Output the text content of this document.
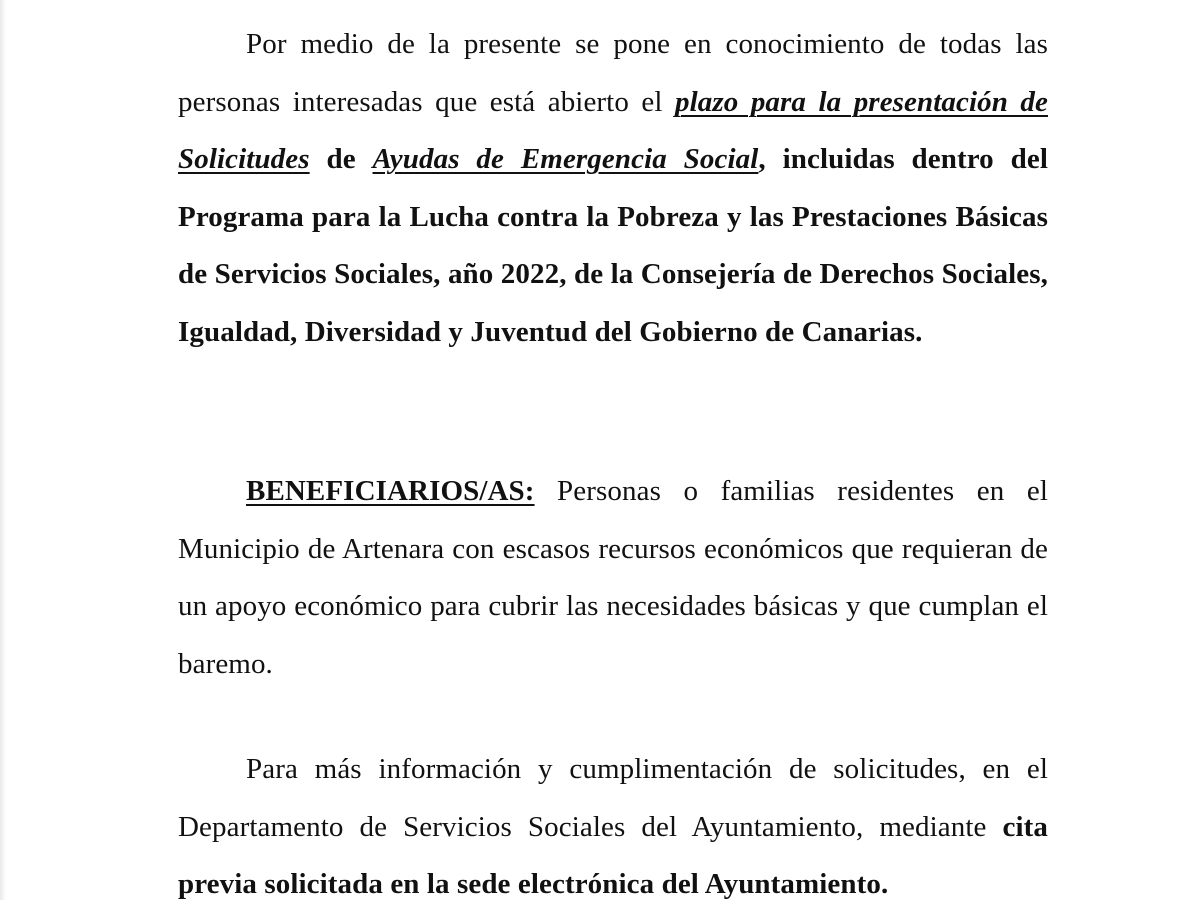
Por medio de la presente se pone en conocimiento de todas las personas interesadas que está abierto el plazo para la presentación de Solicitudes de Ayudas de Emergencia Social, incluidas dentro del Programa para la Lucha contra la Pobreza y las Prestaciones Básicas de Servicios Sociales, año 2022, de la Consejería de Derechos Sociales, Igualdad, Diversidad y Juventud del Gobierno de Canarias.

BENEFICIARIOS/AS: Personas o familias residentes en el Municipio de Artenara con escasos recursos económicos que requieran de un apoyo económico para cubrir las necesidades básicas y que cumplan el baremo.

Para más información y cumplimentación de solicitudes, en el Departamento de Servicios Sociales del Ayuntamiento, mediante cita previa solicitada en la sede electrónica del Ayuntamiento.
